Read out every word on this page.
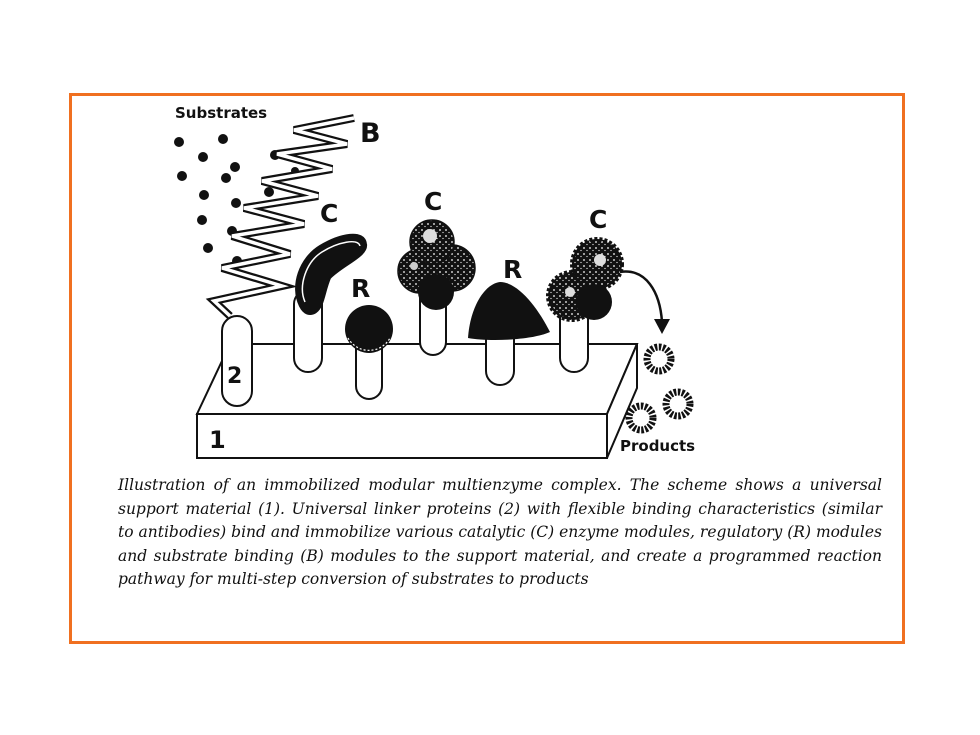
1
2
Substrates
B
C
R
C
R
C
Products
Illustration of an immobilized modular multienzyme complex. The scheme shows a universal support material (1). Universal linker proteins (2) with flexible binding characteristics (similar to antibodies) bind and immobilize various catalytic (C) enzyme modules, regulatory (R) modules and substrate binding (B) modules to the support material, and create a programmed reaction pathway for multi-step conversion of substrates to products
